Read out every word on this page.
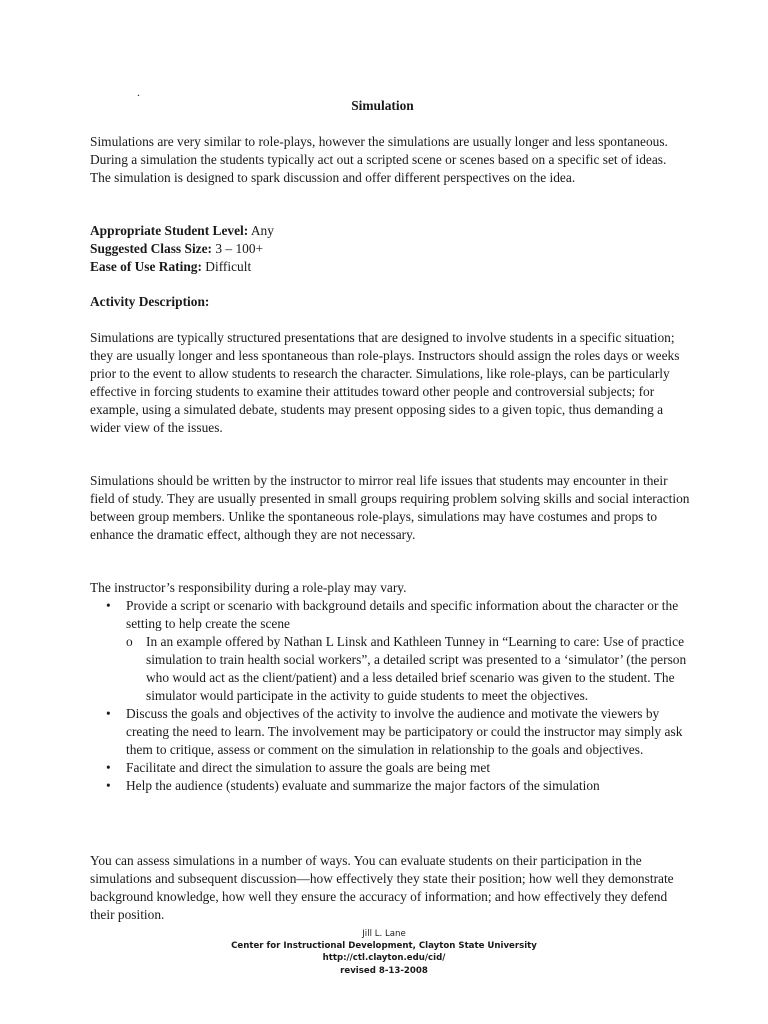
.
Simulation

Simulations are very similar to role-plays, however the simulations are usually longer and less spontaneous. During a simulation the students typically act out a scripted scene or scenes based on a specific set of ideas. The simulation is designed to spark discussion and offer different perspectives on the idea.

Appropriate Student Level: Any

Suggested Class Size: 3 – 100+

Ease of Use Rating: Difficult

Activity Description:

Simulations are typically structured presentations that are designed to involve students in a specific situation; they are usually longer and less spontaneous than role-plays. Instructors should assign the roles days or weeks prior to the event to allow students to research the character. Simulations, like role-plays, can be particularly effective in forcing students to examine their attitudes toward other people and controversial subjects; for example, using a simulated debate, students may present opposing sides to a given topic, thus demanding a wider view of the issues.

Simulations should be written by the instructor to mirror real life issues that students may encounter in their field of study. They are usually presented in small groups requiring problem solving skills and social interaction between group members. Unlike the spontaneous role-plays, simulations may have costumes and props to enhance the dramatic effect, although they are not necessary.

The instructor’s responsibility during a role-play may vary.

• Provide a script or scenario with background details and specific information about the character or the setting to help create the scene
o In an example offered by Nathan L Linsk and Kathleen Tunney in “Learning to care: Use of practice simulation to train health social workers”, a detailed script was presented to a ‘simulator’ (the person who would act as the client/patient) and a less detailed brief scenario was given to the student. The simulator would participate in the activity to guide students to meet the objectives.
• Discuss the goals and objectives of the activity to involve the audience and motivate the viewers by creating the need to learn. The involvement may be participatory or could the instructor may simply ask them to critique, assess or comment on the simulation in relationship to the goals and objectives.
• Facilitate and direct the simulation to assure the goals are being met
• Help the audience (students) evaluate and summarize the major factors of the simulation

You can assess simulations in a number of ways. You can evaluate students on their participation in the simulations and subsequent discussion—how effectively they state their position; how well they demonstrate background knowledge, how well they ensure the accuracy of information; and how effectively they defend their position.

Jill L. Lane
Center for Instructional Development, Clayton State University
http://ctl.clayton.edu/cid/
revised 8-13-2008
